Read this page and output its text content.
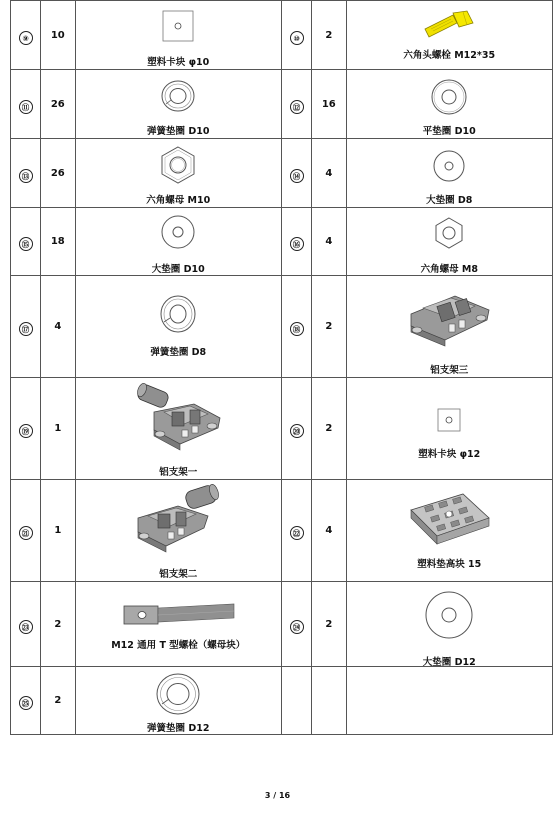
⑨	10	塑料卡块 φ10	⑩	2	六角头螺栓 M12*35

⑪	26	弹簧垫圈 D10	⑫	16	平垫圈 D10

⑬	26	六角螺母 M10	⑭	4	大垫圈 D8

⑮	18	大垫圈 D10	⑯	4	六角螺母 M8

⑰	4	弹簧垫圈 D8	⑱	2	铝支架三

⑲	1	铝支架一	⑳	2	塑料卡块 φ12

㉑	1	铝支架二	㉒	4	塑料垫高块 15

㉓	2	M12 通用 T 型螺栓（螺母块）	㉔	2	大垫圈 D12

㉕	2	弹簧垫圈 D12			

3 / 16
